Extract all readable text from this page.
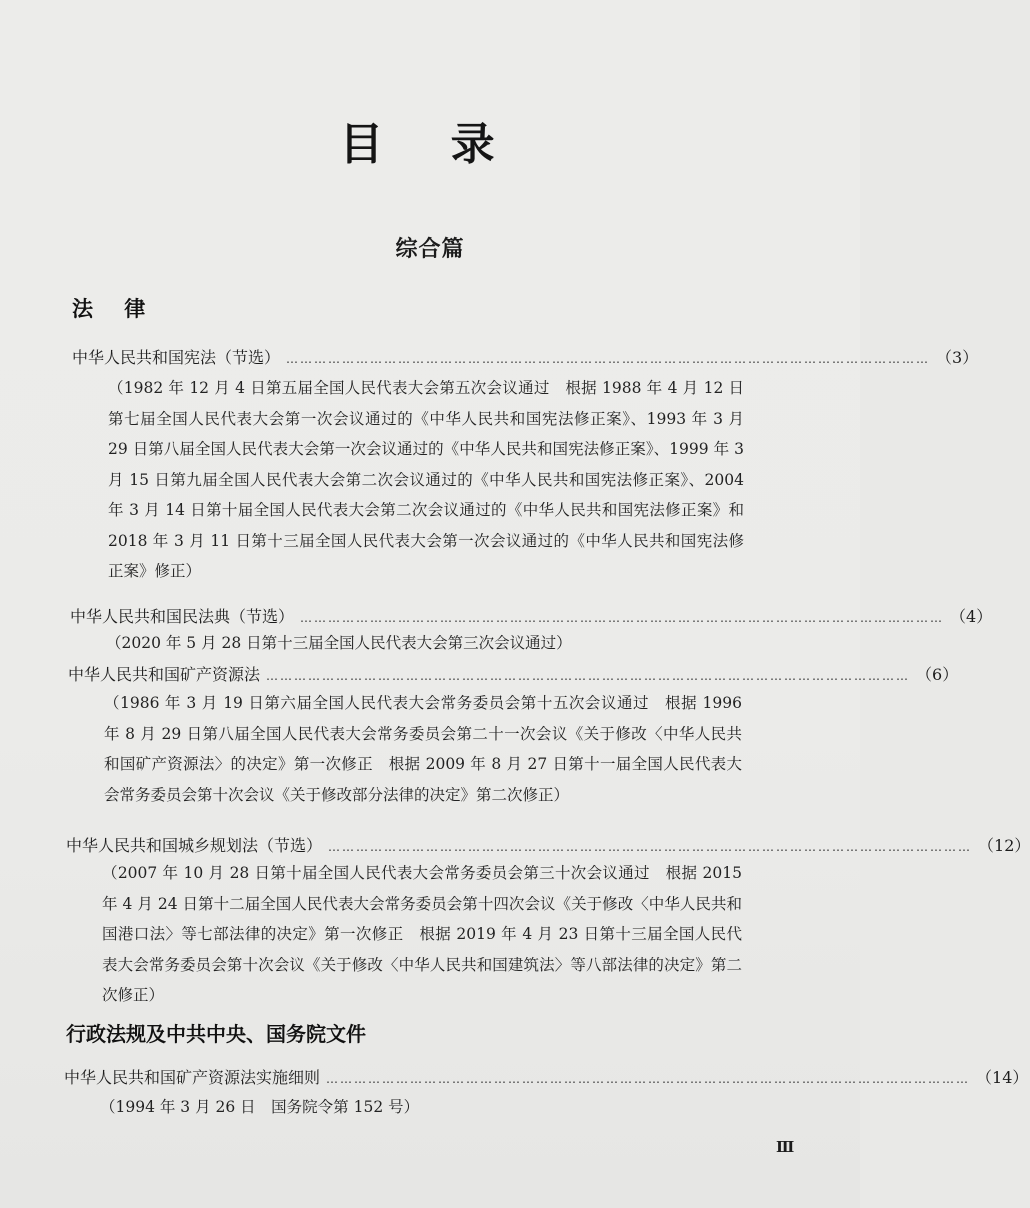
目 录
综合篇
法 律
中华人民共和国宪法（节选） ………………………………………………………………………………………………………………………… （3）
（1982 年 12 月 4 日第五届全国人民代表大会第五次会议通过　根据 1988 年 4 月 12 日第七届全国人民代表大会第一次会议通过的《中华人民共和国宪法修正案》、1993 年 3 月 29 日第八届全国人民代表大会第一次会议通过的《中华人民共和国宪法修正案》、1999 年 3 月 15 日第九届全国人民代表大会第二次会议通过的《中华人民共和国宪法修正案》、2004 年 3 月 14 日第十届全国人民代表大会第二次会议通过的《中华人民共和国宪法修正案》和 2018 年 3 月 11 日第十三届全国人民代表大会第一次会议通过的《中华人民共和国宪法修正案》修正）
中华人民共和国民法典（节选） ………………………………………………………………………………………………………………………… （4）
（2020 年 5 月 28 日第十三届全国人民代表大会第三次会议通过）
中华人民共和国矿产资源法 ………………………………………………………………………………………………………………………… （6）
（1986 年 3 月 19 日第六届全国人民代表大会常务委员会第十五次会议通过　根据 1996 年 8 月 29 日第八届全国人民代表大会常务委员会第二十一次会议《关于修改〈中华人民共和国矿产资源法〉的决定》第一次修正　根据 2009 年 8 月 27 日第十一届全国人民代表大会常务委员会第十次会议《关于修改部分法律的决定》第二次修正）
中华人民共和国城乡规划法（节选） ………………………………………………………………………………………………………………………… （12）
（2007 年 10 月 28 日第十届全国人民代表大会常务委员会第三十次会议通过　根据 2015 年 4 月 24 日第十二届全国人民代表大会常务委员会第十四次会议《关于修改〈中华人民共和国港口法〉等七部法律的决定》第一次修正　根据 2019 年 4 月 23 日第十三届全国人民代表大会常务委员会第十次会议《关于修改〈中华人民共和国建筑法〉等八部法律的决定》第二次修正）
行政法规及中共中央、国务院文件
中华人民共和国矿产资源法实施细则 ………………………………………………………………………………………………………………………… （14）
（1994 年 3 月 26 日　国务院令第 152 号）
Ⅲ
